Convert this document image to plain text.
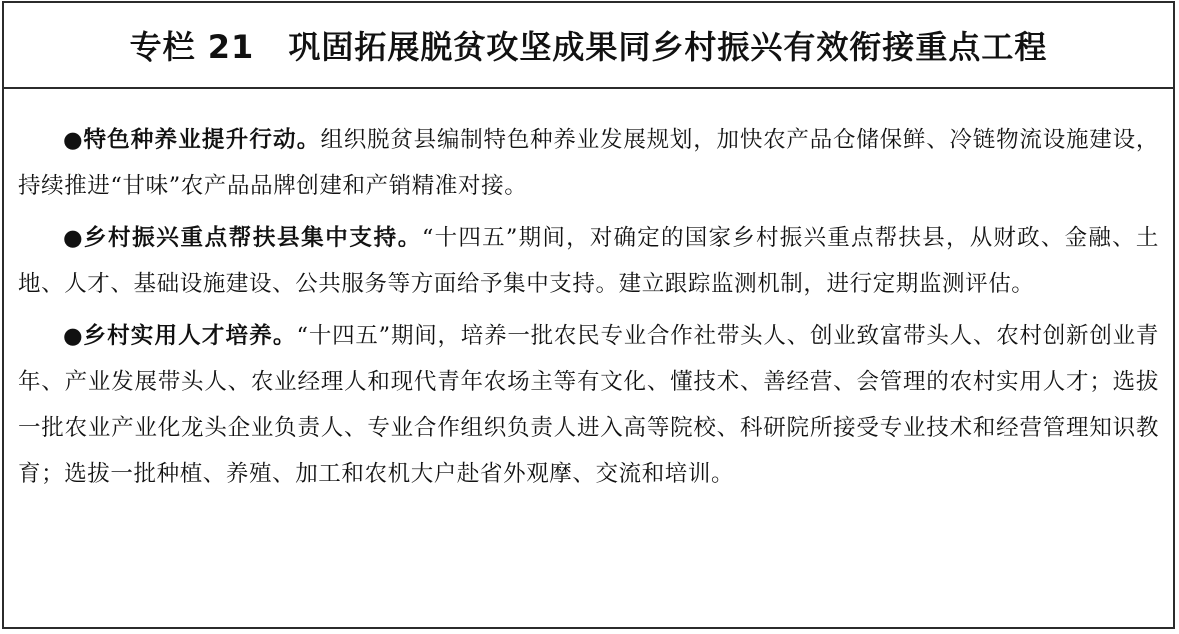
专栏 21 巩固拓展脱贫攻坚成果同乡村振兴有效衔接重点工程

●特色种养业提升行动。组织脱贫县编制特色种养业发展规划，加快农产品仓储保鲜、冷链物流设施建设，持续推进“甘味”农产品品牌创建和产销精准对接。

●乡村振兴重点帮扶县集中支持。“十四五”期间，对确定的国家乡村振兴重点帮扶县，从财政、金融、土地、人才、基础设施建设、公共服务等方面给予集中支持。建立跟踪监测机制，进行定期监测评估。

●乡村实用人才培养。“十四五”期间，培养一批农民专业合作社带头人、创业致富带头人、农村创新创业青年、产业发展带头人、农业经理人和现代青年农场主等有文化、懂技术、善经营、会管理的农村实用人才；选拔一批农业产业化龙头企业负责人、专业合作组织负责人进入高等院校、科研院所接受专业技术和经营管理知识教育；选拔一批种植、养殖、加工和农机大户赴省外观摩、交流和培训。
